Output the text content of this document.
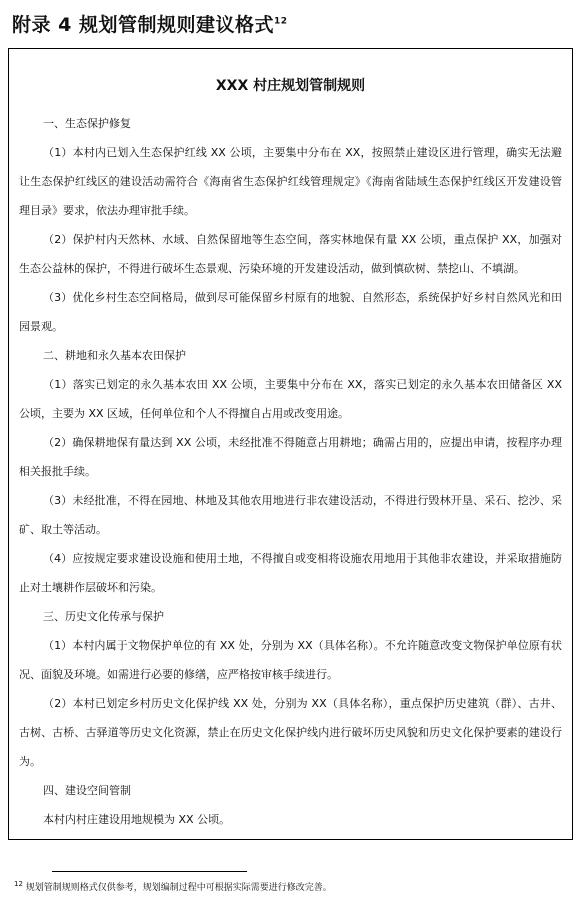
附录 4 规划管制规则建议格式$^{12}$
XXX 村庄规划管制规则
一、生态保护修复
（1）本村内已划入生态保护红线 XX 公顷，主要集中分布在 XX，按照禁止建设区进行管理，确实无法避让生态保护红线区的建设活动需符合《海南省生态保护红线管理规定》《海南省陆域生态保护红线区开发建设管理目录》要求，依法办理审批手续。
（2）保护村内天然林、水域、自然保留地等生态空间，落实林地保有量 XX 公顷，重点保护 XX，加强对生态公益林的保护，不得进行破坏生态景观、污染环境的开发建设活动，做到慎砍树、禁挖山、不填湖。
（3）优化乡村生态空间格局，做到尽可能保留乡村原有的地貌、自然形态，系统保护好乡村自然风光和田园景观。
二、耕地和永久基本农田保护
（1）落实已划定的永久基本农田 XX 公顷，主要集中分布在 XX，落实已划定的永久基本农田储备区 XX 公顷，主要为 XX 区域，任何单位和个人不得擅自占用或改变用途。
（2）确保耕地保有量达到 XX 公顷，未经批准不得随意占用耕地；确需占用的，应提出申请，按程序办理相关报批手续。
（3）未经批准，不得在园地、林地及其他农用地进行非农建设活动，不得进行毁林开垦、采石、挖沙、采矿、取土等活动。
（4）应按规定要求建设设施和使用土地，不得擅自或变相将设施农用地用于其他非农建设，并采取措施防止对土壤耕作层破坏和污染。
三、历史文化传承与保护
（1）本村内属于文物保护单位的有 XX 处，分别为 XX（具体名称）。不允许随意改变文物保护单位原有状况、面貌及环境。如需进行必要的修缮，应严格按审核手续进行。
（2）本村已划定乡村历史文化保护线 XX 处，分别为 XX（具体名称），重点保护历史建筑（群）、古井、古树、古桥、古驿道等历史文化资源，禁止在历史文化保护线内进行破坏历史风貌和历史文化保护要素的建设行为。
四、建设空间管制
本村内村庄建设用地规模为 XX 公顷。
$^{12}$ 规划管制规则格式仅供参考，规划编制过程中可根据实际需要进行修改完善。
